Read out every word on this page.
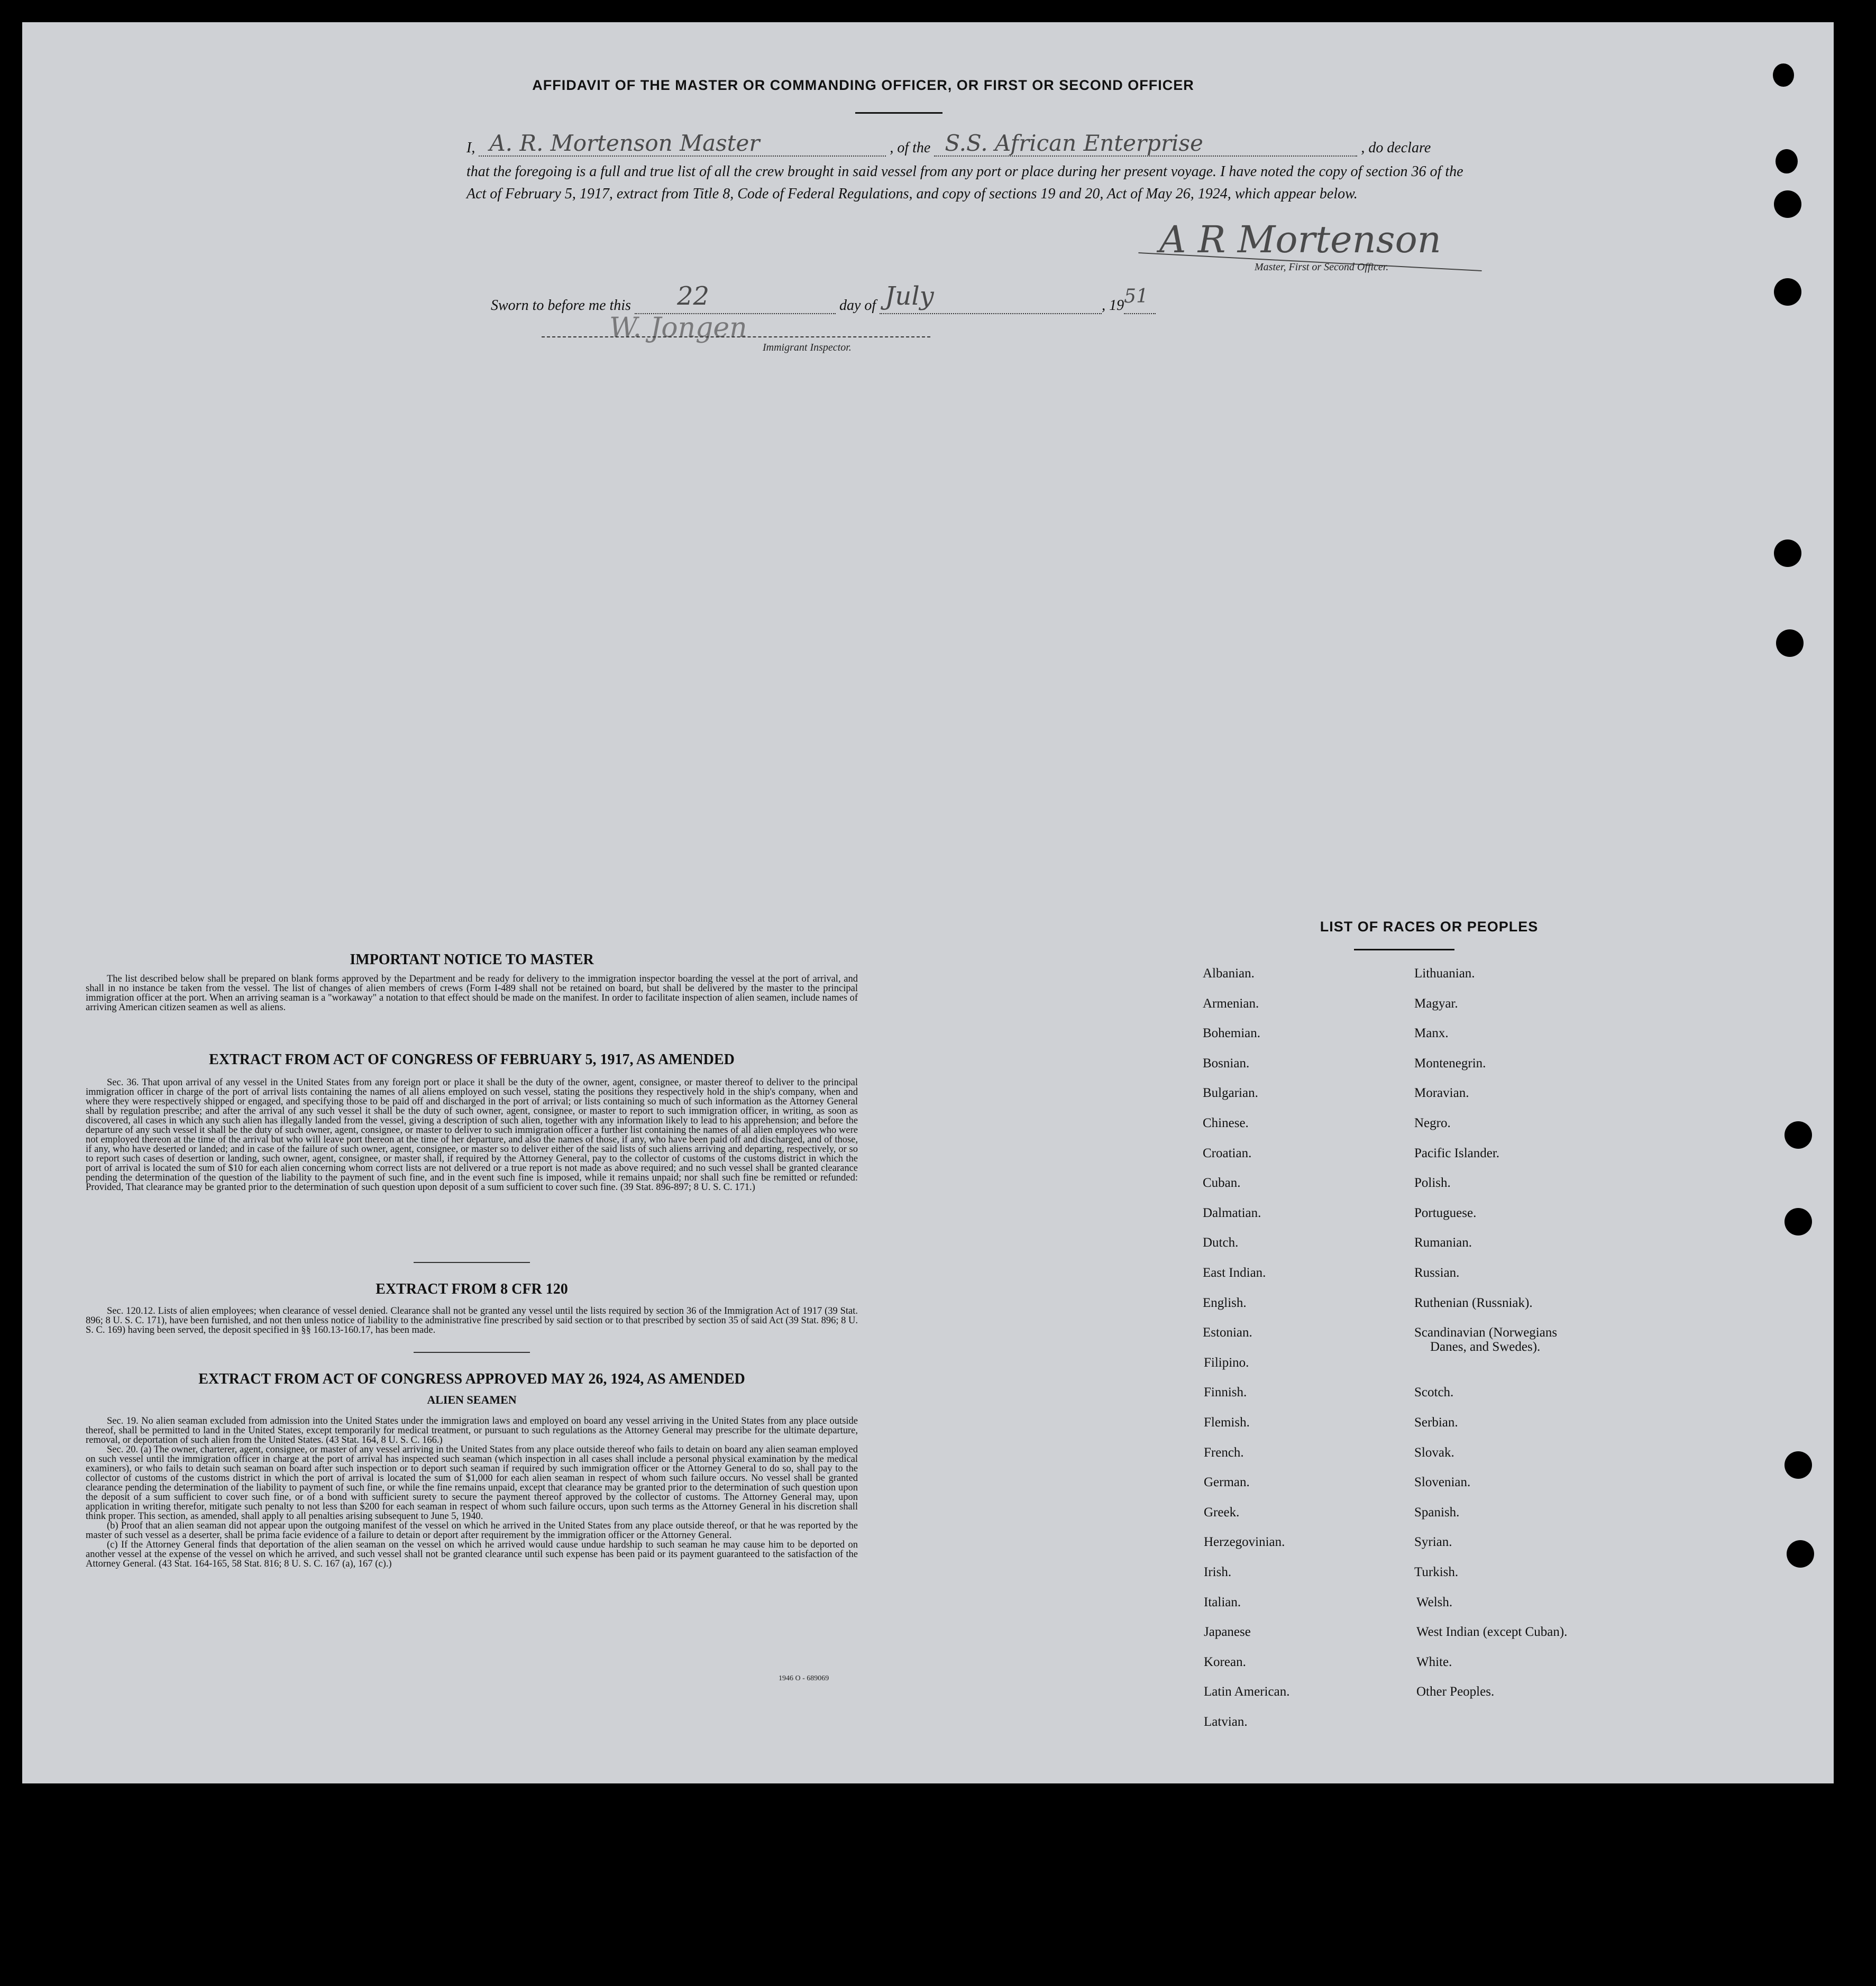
AFFIDAVIT OF THE MASTER OR COMMANDING OFFICER, OR FIRST OR SECOND OFFICER
I, A. R. Mortenson Master	, of the S.S. African Enterprise	, do declare
that the foregoing is a full and true list of all the crew brought in said vessel from any port or place during her present voyage. I have noted the copy of section 36 of the Act of February 5, 1917, extract from Title 8, Code of Federal Regulations, and copy of sections 19 and 20, Act of May 26, 1924, which appear below.
A R Mortenson
Master, First or Second Officer.
Sworn to before me this 22	day of July	, 19 51
W. Jongen
Immigrant Inspector.
IMPORTANT NOTICE TO MASTER

The list described below shall be prepared on blank forms approved by the Department and be ready for delivery to the immigration inspector boarding the vessel at the port of arrival, and shall in no instance be taken from the vessel. The list of changes of alien members of crews (Form I-489 shall not be retained on board, but shall be delivered by the master to the principal immigration officer at the port. When an arriving seaman is a "workaway" a notation to that effect should be made on the manifest. In order to facilitate inspection of alien seamen, include names of arriving American citizen seamen as well as aliens.

EXTRACT FROM ACT OF CONGRESS OF FEBRUARY 5, 1917, AS AMENDED

Sec. 36. That upon arrival of any vessel in the United States from any foreign port or place it shall be the duty of the owner, agent, consignee, or master thereof to deliver to the principal immigration officer in charge of the port of arrival lists containing the names of all aliens employed on such vessel, stating the positions they respectively hold in the ship's company, when and where they were respectively shipped or engaged, and specifying those to be paid off and discharged in the port of arrival; or lists containing so much of such information as the Attorney General shall by regulation prescribe; and after the arrival of any such vessel it shall be the duty of such owner, agent, consignee, or master to report to such immigration officer, in writing, as soon as discovered, all cases in which any such alien has illegally landed from the vessel, giving a description of such alien, together with any information likely to lead to his apprehension; and before the departure of any such vessel it shall be the duty of such owner, agent, consignee, or master to deliver to such immigration officer a further list containing the names of all alien employees who were not employed thereon at the time of the arrival but who will leave port thereon at the time of her departure, and also the names of those, if any, who have been paid off and discharged, and of those, if any, who have deserted or landed; and in case of the failure of such owner, agent, consignee, or master so to deliver either of the said lists of such aliens arriving and departing, respectively, or so to report such cases of desertion or landing, such owner, agent, consignee, or master shall, if required by the Attorney General, pay to the collector of customs of the customs district in which the port of arrival is located the sum of $10 for each alien concerning whom correct lists are not delivered or a true report is not made as above required; and no such vessel shall be granted clearance pending the determination of the question of the liability to the payment of such fine, and in the event such fine is imposed, while it remains unpaid; nor shall such fine be remitted or refunded: Provided, That clearance may be granted prior to the determination of such question upon deposit of a sum sufficient to cover such fine. (39 Stat. 896-897; 8 U. S. C. 171.)

EXTRACT FROM 8 CFR 120

Sec. 120.12. Lists of alien employees; when clearance of vessel denied. Clearance shall not be granted any vessel until the lists required by section 36 of the Immigration Act of 1917 (39 Stat. 896; 8 U. S. C. 171), have been furnished, and not then unless notice of liability to the administrative fine prescribed by said section or to that prescribed by section 35 of said Act (39 Stat. 896; 8 U. S. C. 169) having been served, the deposit specified in §§ 160.13-160.17, has been made.

EXTRACT FROM ACT OF CONGRESS APPROVED MAY 26, 1924, AS AMENDED
ALIEN SEAMEN

Sec. 19. No alien seaman excluded from admission into the United States under the immigration laws and employed on board any vessel arriving in the United States from any place outside thereof, shall be permitted to land in the United States, except temporarily for medical treatment, or pursuant to such regulations as the Attorney General may prescribe for the ultimate departure, removal, or deportation of such alien from the United States. (43 Stat. 164, 8 U. S. C. 166.)

Sec. 20. (a) The owner, charterer, agent, consignee, or master of any vessel arriving in the United States from any place outside thereof who fails to detain on board any alien seaman employed on such vessel until the immigration officer in charge at the port of arrival has inspected such seaman (which inspection in all cases shall include a personal physical examination by the medical examiners), or who fails to detain such seaman on board after such inspection or to deport such seaman if required by such immigration officer or the Attorney General to do so, shall pay to the collector of customs of the customs district in which the port of arrival is located the sum of $1,000 for each alien seaman in respect of whom such failure occurs. No vessel shall be granted clearance pending the determination of the liability to payment of such fine, or while the fine remains unpaid, except that clearance may be granted prior to the determination of such question upon the deposit of a sum sufficient to cover such fine, or of a bond with sufficient surety to secure the payment thereof approved by the collector of customs. The Attorney General may, upon application in writing therefor, mitigate such penalty to not less than $200 for each seaman in respect of whom such failure occurs, upon such terms as the Attorney General in his discretion shall think proper. This section, as amended, shall apply to all penalties arising subsequent to June 5, 1940.

(b) Proof that an alien seaman did not appear upon the outgoing manifest of the vessel on which he arrived in the United States from any place outside thereof, or that he was reported by the master of such vessel as a deserter, shall be prima facie evidence of a failure to detain or deport after requirement by the immigration officer or the Attorney General.

(c) If the Attorney General finds that deportation of the alien seaman on the vessel on which he arrived would cause undue hardship to such seaman he may cause him to be deported on another vessel at the expense of the vessel on which he arrived, and such vessel shall not be granted clearance until such expense has been paid or its payment guaranteed to the satisfaction of the Attorney General. (43 Stat. 164-165, 58 Stat. 816; 8 U. S. C. 167 (a), 167 (c).)

1946 O - 689069
LIST OF RACES OR PEOPLES
Albanian.
Armenian.
Bohemian.
Bosnian.
Bulgarian.
Chinese.
Croatian.
Cuban.
Dalmatian.
Dutch.
East Indian.
English.
Estonian.
Filipino.
Finnish.
Flemish.
French.
German.
Greek.
Herzegovinian.
Irish.
Italian.
Japanese
Korean.
Latin American.
Latvian.
Lithuanian.
Magyar.
Manx.
Montenegrin.
Moravian.
Negro.
Pacific Islander.
Polish.
Portuguese.
Rumanian.
Russian.
Ruthenian (Russniak).
Scandinavian (Norwegians
Scotch.
Serbian.
Slovak.
Slovenian.
Spanish.
Syrian.
Turkish.
Welsh.
West Indian (except Cuban).
White.
Other Peoples.
Danes, and Swedes).
